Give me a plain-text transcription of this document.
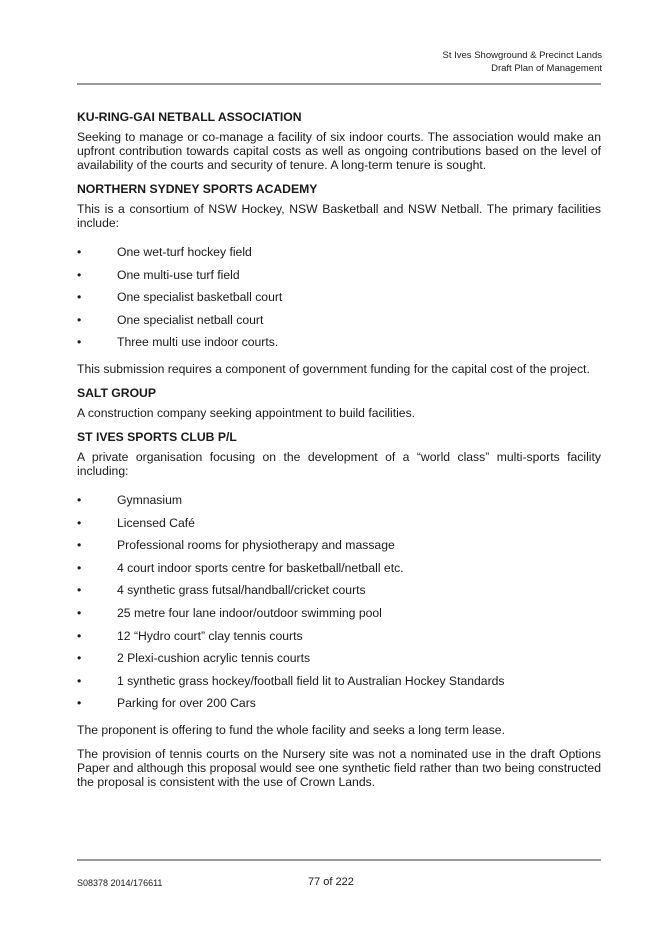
St Ives Showground & Precinct Lands
Draft Plan of Management
KU-RING-GAI NETBALL ASSOCIATION

Seeking to manage or co-manage a facility of six indoor courts. The association would make an upfront contribution towards capital costs as well as ongoing contributions based on the level of availability of the courts and security of tenure. A long-term tenure is sought.

NORTHERN SYDNEY SPORTS ACADEMY

This is a consortium of NSW Hockey, NSW Basketball and NSW Netball. The primary facilities include:

•	One wet-turf hockey field
•	One multi-use turf field
•	One specialist basketball court
•	One specialist netball court
•	Three multi use indoor courts.

This submission requires a component of government funding for the capital cost of the project.

SALT GROUP

A construction company seeking appointment to build facilities.

ST IVES SPORTS CLUB P/L

A private organisation focusing on the development of a “world class” multi-sports facility including:

•	Gymnasium
•	Licensed Café
•	Professional rooms for physiotherapy and massage
•	4 court indoor sports centre for basketball/netball etc.
•	4 synthetic grass futsal/handball/cricket courts
•	25 metre four lane indoor/outdoor swimming pool
•	12 “Hydro court” clay tennis courts
•	2 Plexi-cushion acrylic tennis courts
•	1 synthetic grass hockey/football field lit to Australian Hockey Standards
•	Parking for over 200 Cars

The proponent is offering to fund the whole facility and seeks a long term lease.

The provision of tennis courts on the Nursery site was not a nominated use in the draft Options Paper and although this proposal would see one synthetic field rather than two being constructed the proposal is consistent with the use of Crown Lands.

S08378 2014/176611	77 of 222
